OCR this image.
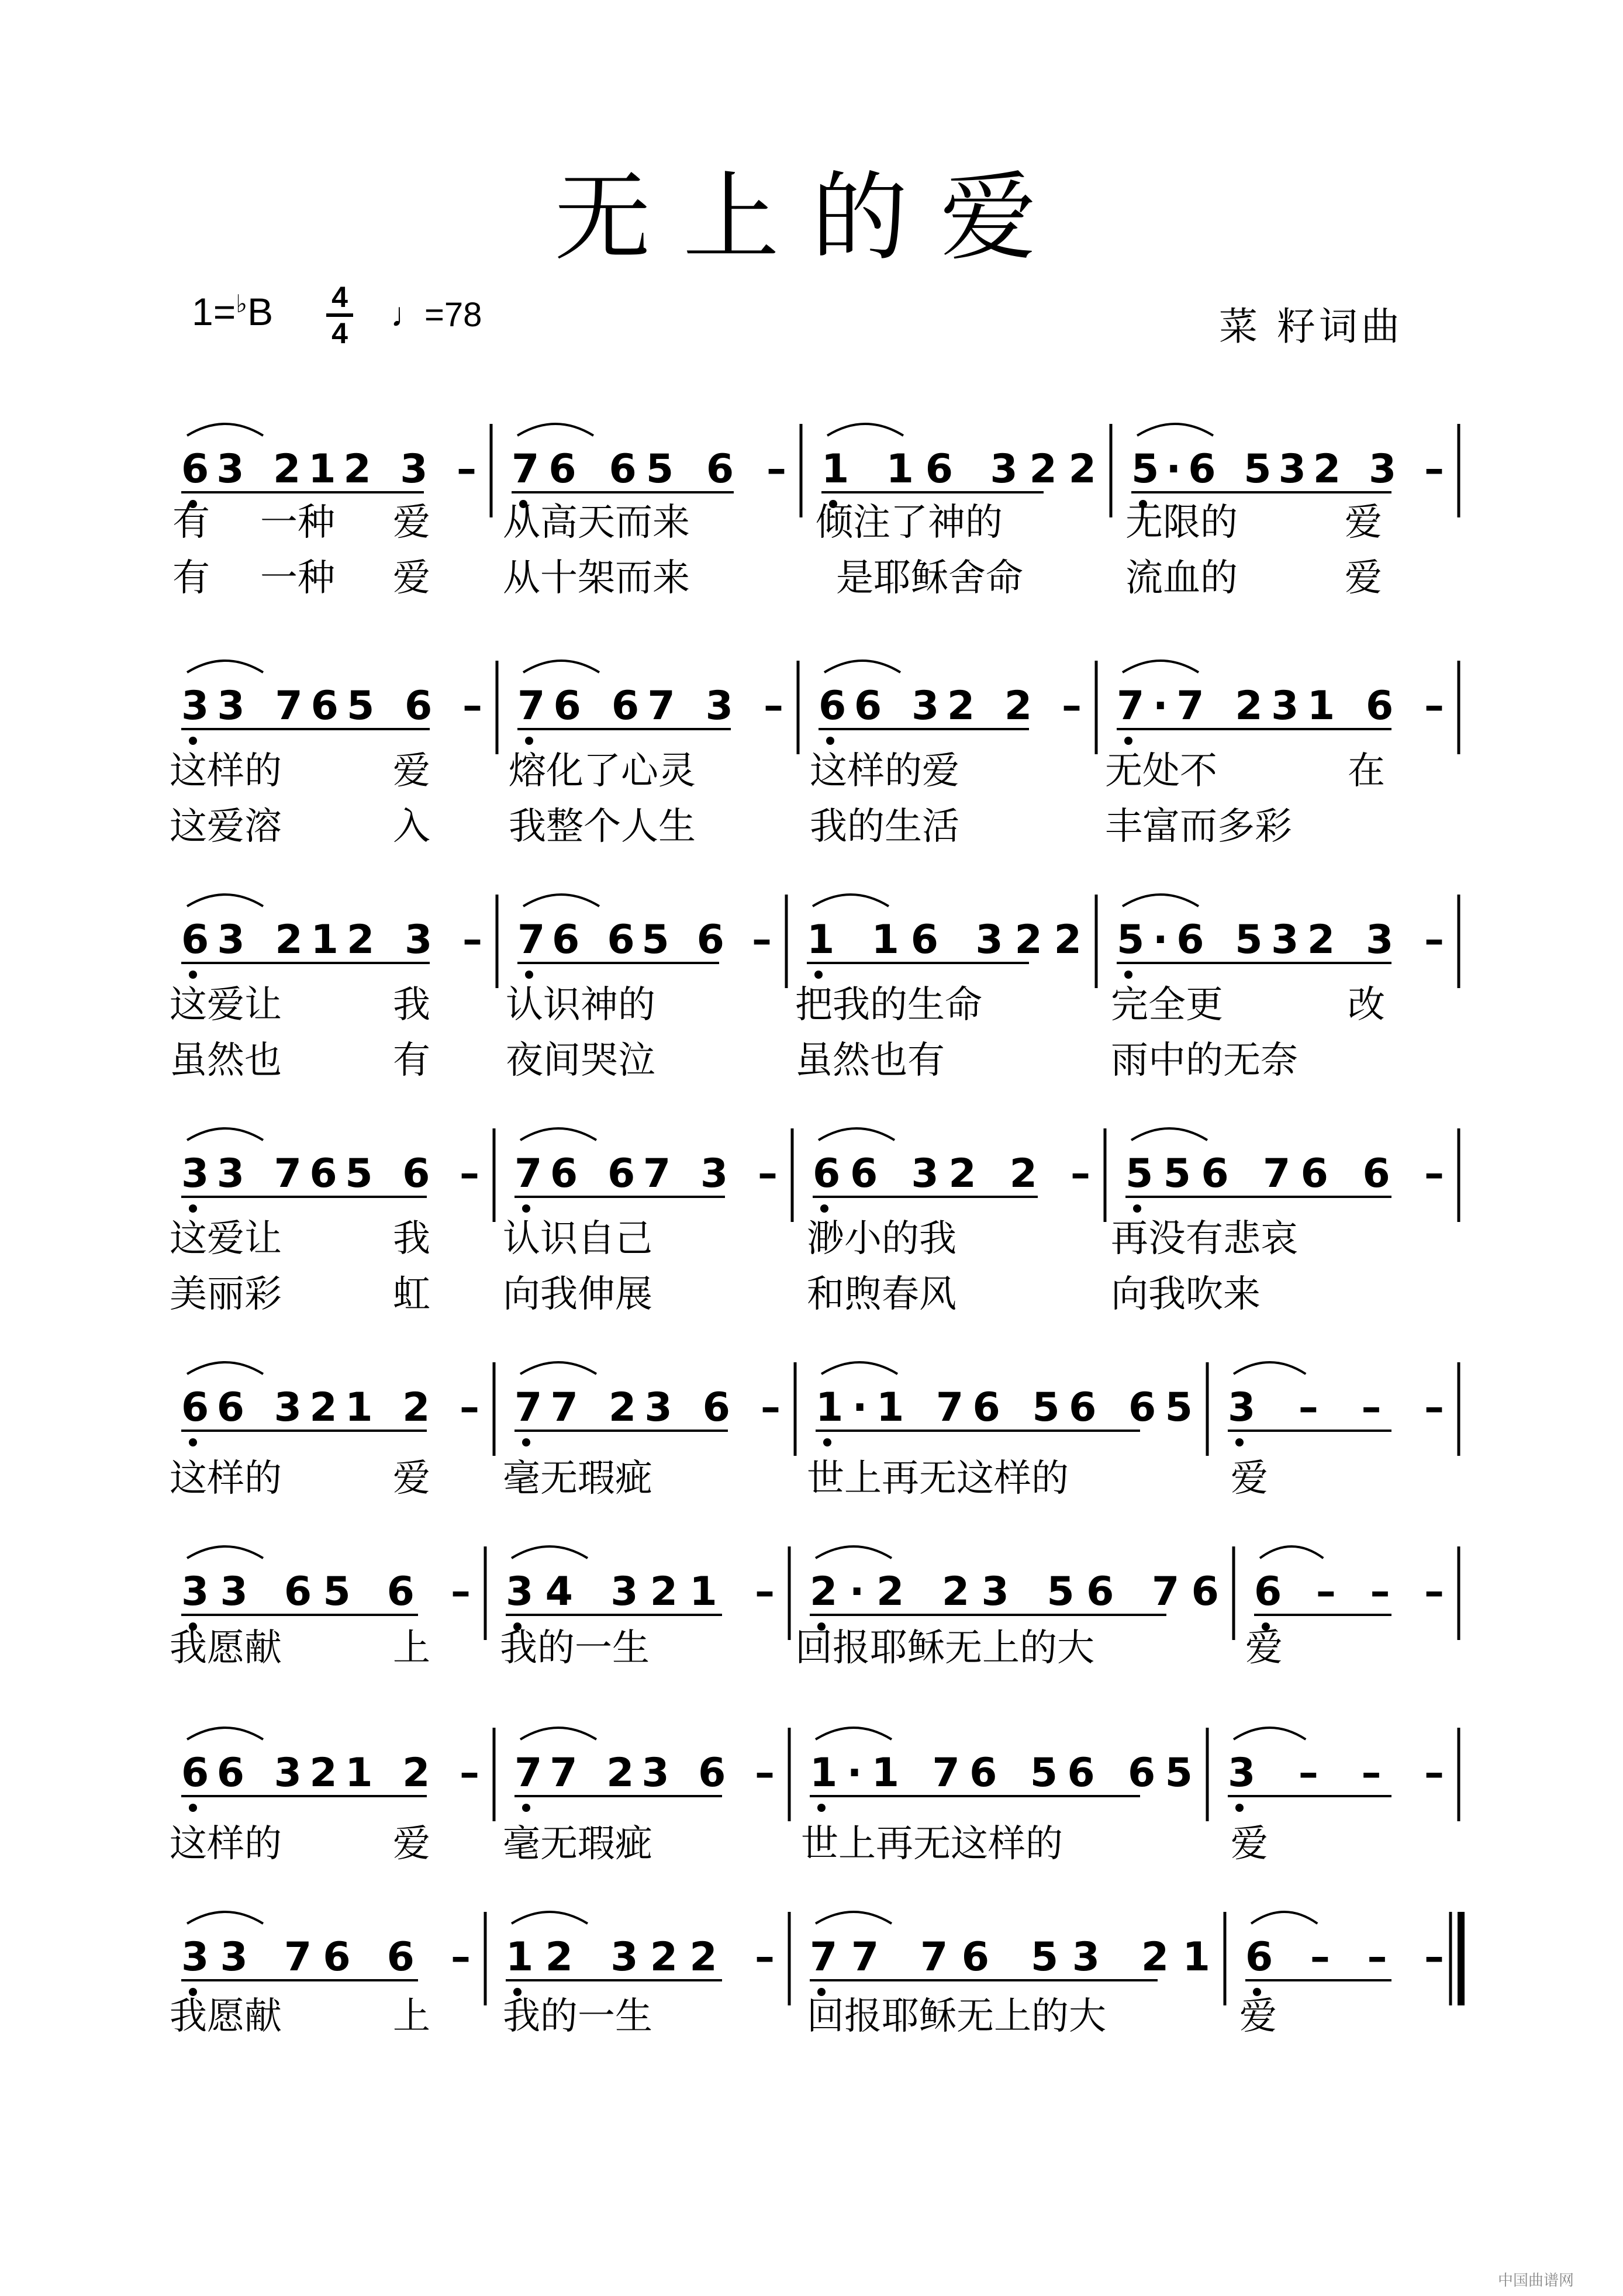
无上的爱
1=♭B 4
4 ♩=78	菜 籽词曲
63 212 3 – 76 65 6 – 1 16 322 5·6 532 3 –
有 一种 爱 从高天而来	倾注了神的	无限的	爱
有 一种 爱 从十架而来	是耶稣舍命	流血的	爱
33 765 6 – 76 67 3 – 66 32 2 – 7·7 231 6 –
这样的	爱 熔化了心灵	这样的爱	无处不	在
这爱溶	入 我整个人生	我的生活	丰富而多彩
63 212 3 – 76 65 6 – 1 16 322 5·6 532 3 –
这爱让	我 认识神的	把我的生命	完全更	改
虽然也	有 夜间哭泣	虽然也有	雨中的无奈
33 765 6 – 76 67 3 – 66 32 2 – 556 76 6 –
这爱让	我 认识自己	渺小的我	再没有悲哀
美丽彩	虹 向我伸展	和煦春风	向我吹来
66 321 2 – 77 23 6 – 1·1 76 56 65 3 – – –
这样的	爱 毫无瑕疵	世上再无这样的	爱
33 65 6 – 34 321 – 2·2 23 56 76 6 – – –
我愿献	上 我的一生	回报耶稣无上的大	爱
66 321 2 – 77 23 6 – 1·1 76 56 65 3 – – –
这样的	爱 毫无瑕疵	世上再无这样的	爱
33 76 6 – 12 322 – 77 76 53 21 6 – – –
我愿献	上 我的一生	回报耶稣无上的大	爱
中国曲谱网
